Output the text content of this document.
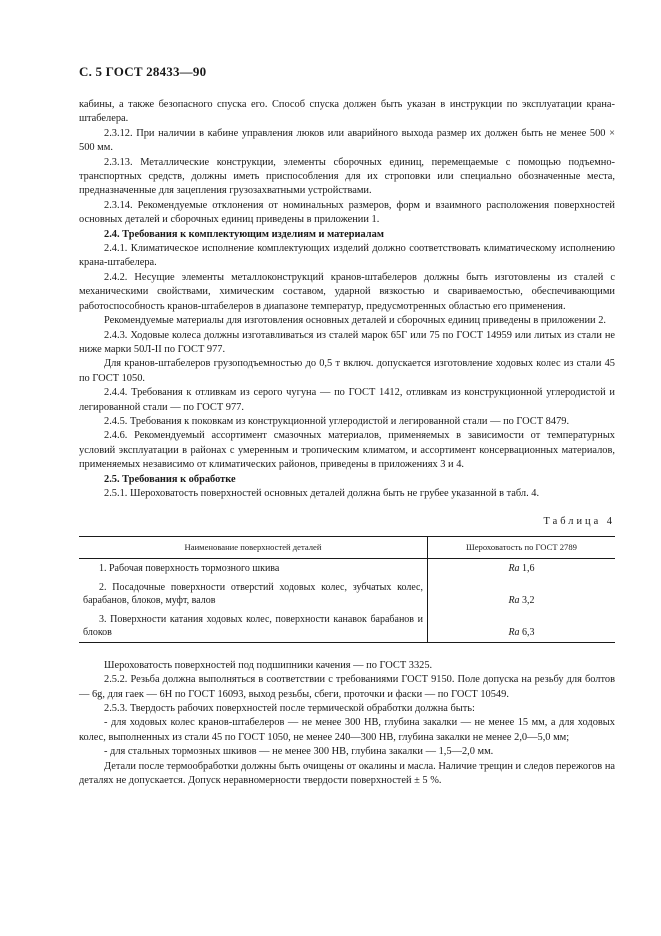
С. 5 ГОСТ 28433—90

кабины, а также безопасного спуска его. Способ спуска должен быть указан в инструкции по эксплуатации крана-штабелера.

2.3.12. При наличии в кабине управления люков или аварийного выхода размер их должен быть не менее 500 × 500 мм.

2.3.13. Металлические конструкции, элементы сборочных единиц, перемещаемые с помощью подъемно-транспортных средств, должны иметь приспособления для их строповки или специально обозначенные места, предназначенные для зацепления грузозахватными устройствами.

2.3.14. Рекомендуемые отклонения от номинальных размеров, форм и взаимного расположения поверхностей основных деталей и сборочных единиц приведены в приложении 1.

2.4. Требования к комплектующим изделиям и материалам

2.4.1. Климатическое исполнение комплектующих изделий должно соответствовать климатическому исполнению крана-штабелера.

2.4.2. Несущие элементы металлоконструкций кранов-штабелеров должны быть изготовлены из сталей с механическими свойствами, химическим составом, ударной вязкостью и свариваемостью, обеспечивающими работоспособность кранов-штабелеров в диапазоне температур, предусмотренных областью его применения.

Рекомендуемые материалы для изготовления основных деталей и сборочных единиц приведены в приложении 2.

2.4.3. Ходовые колеса должны изготавливаться из сталей марок 65Г или 75 по ГОСТ 14959 или литых из стали не ниже марки 50Л-II по ГОСТ 977.

Для кранов-штабелеров грузоподъемностью до 0,5 т включ. допускается изготовление ходовых колес из стали 45 по ГОСТ 1050.

2.4.4. Требования к отливкам из серого чугуна — по ГОСТ 1412, отливкам из конструкционной углеродистой и легированной стали — по ГОСТ 977.

2.4.5. Требования к поковкам из конструкционной углеродистой и легированной стали — по ГОСТ 8479.

2.4.6. Рекомендуемый ассортимент смазочных материалов, применяемых в зависимости от температурных условий эксплуатации в районах с умеренным и тропическим климатом, и ассортимент консервационных материалов, применяемых независимо от климатических районов, приведены в приложениях 3 и 4.

2.5. Требования к обработке

2.5.1. Шероховатость поверхностей основных деталей должна быть не грубее указанной в табл. 4.

Таблица 4
Наименование поверхностей деталей	Шероховатость по ГОСТ 2789
1. Рабочая поверхность тормозного шкива	Ra 1,6
2. Посадочные поверхности отверстий ходовых колес, зубчатых колес, барабанов, блоков, муфт, валов	Ra 3,2
3. Поверхности катания ходовых колес, поверхности канавок барабанов и блоков	Ra 6,3

Шероховатость поверхностей под подшипники качения — по ГОСТ 3325.

2.5.2. Резьба должна выполняться в соответствии с требованиями ГОСТ 9150. Поле допуска на резьбу для болтов — 6g, для гаек — 6Н по ГОСТ 16093, выход резьбы, сбеги, проточки и фаски — по ГОСТ 10549.

2.5.3. Твердость рабочих поверхностей после термической обработки должна быть:

- для ходовых колес кранов-штабелеров — не менее 300 НВ, глубина закалки — не менее 15 мм, а для ходовых колес, выполненных из стали 45 по ГОСТ 1050, не менее 240—300 НВ, глубина закалки не менее 2,0—5,0 мм;

- для стальных тормозных шкивов — не менее 300 НВ, глубина закалки — 1,5—2,0 мм.

Детали после термообработки должны быть очищены от окалины и масла. Наличие трещин и следов пережогов на деталях не допускается. Допуск неравномерности твердости поверхностей ± 5 %.
